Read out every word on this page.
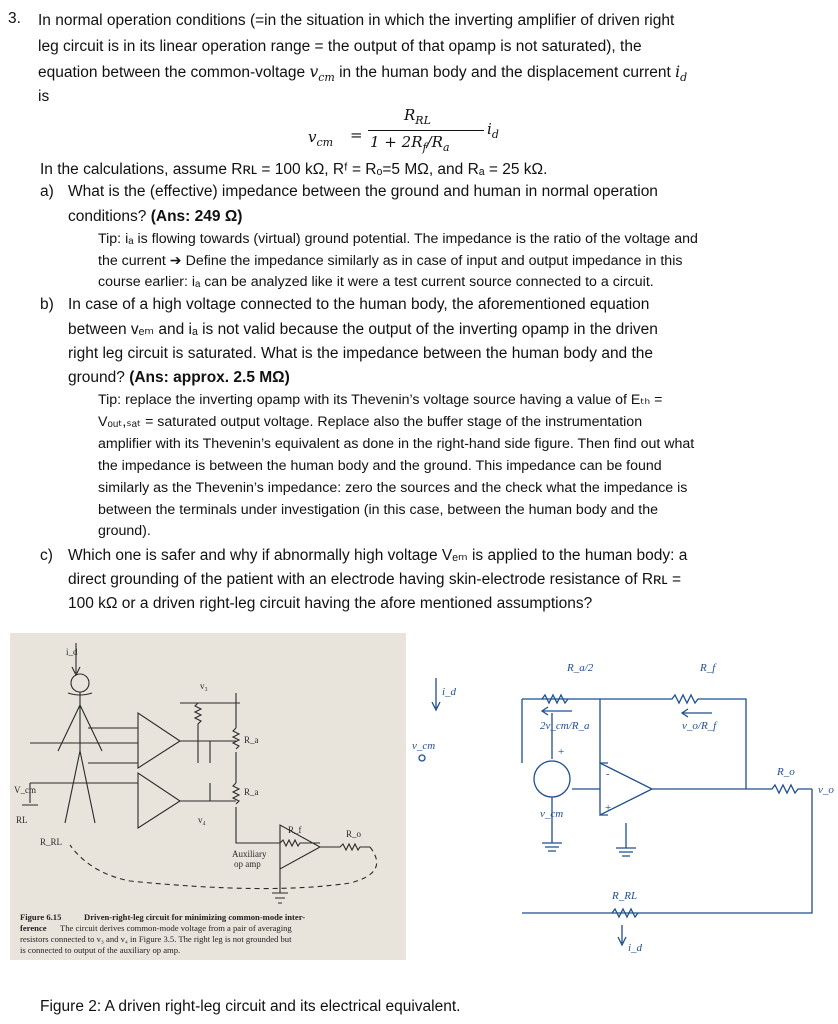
3. In normal operation conditions (=in the situation in which the inverting amplifier of driven right
leg circuit is in its linear operation range = the output of that opamp is not saturated), the
equation between the common-voltage $v_{cm}$ in the human body and the displacement current $i_d$
is
$v_{cm}$ =
$R_{RL}$
$1 + 2R_f/R_a$
$i_d$
In the calculations, assume Rʀʟ = 100 kΩ, Rᶠ = Rₒ=5 MΩ, and Rₐ = 25 kΩ.
a) What is the (effective) impedance between the ground and human in normal operation
conditions? (Ans: 249 Ω)
Tip: iₐ is flowing towards (virtual) ground potential. The impedance is the ratio of the voltage and
the current ➔ Define the impedance similarly as in case of input and output impedance in this
course earlier: iₐ can be analyzed like it were a test current source connected to a circuit.
b) In case of a high voltage connected to the human body, the aforementioned equation
between vₑₘ and iₐ is not valid because the output of the inverting opamp in the driven
right leg circuit is saturated. What is the impedance between the human body and the
ground? (Ans: approx. 2.5 MΩ)
Tip: replace the inverting opamp with its Thevenin’s voltage source having a value of Eₜₕ =
Vₒᵤₜ,ₛₐₜ = saturated output voltage. Replace also the buffer stage of the instrumentation
amplifier with its Thevenin’s equivalent as done in the right-hand side figure. Then find out what
the impedance is between the human body and the ground. This impedance can be found
similarly as the Thevenin’s impedance: zero the sources and the check what the impedance is
between the terminals under investigation (in this case, between the human body and the
ground).
c) Which one is safer and why if abnormally high voltage Vₑₘ is applied to the human body: a
direct grounding of the patient with an electrode having skin-electrode resistance of Rʀʟ =
100 kΩ or a driven right-leg circuit having the afore mentioned assumptions?
i_d
v₃
v₄
R_a
R_a
R_f	R_o
V_cm
RL
R_RL
Auxiliary
op amp
Figure 6.15	Driven-right-leg circuit for minimizing common-mode inter-
ference The circuit derives common-mode voltage from a pair of averaging
resistors connected to v₃ and v₄ in Figure 3.5. The right leg is not grounded but
is connected to output of the auxiliary op amp.
R_a/2	R_f
2v_cm/R_a	v_o/R_f
i_d
v_cm
v_cm
R_o
v_o
R_RL
i_d
-
+
+
Figure 2: A driven right-leg circuit and its electrical equivalent.
